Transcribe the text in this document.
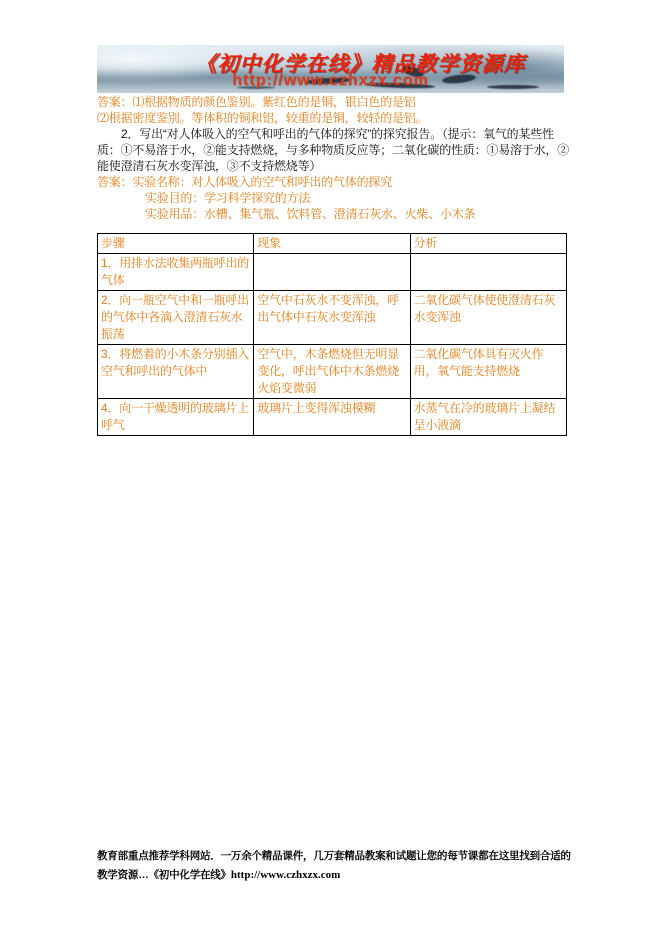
《初中化学在线》精品教学资源库
http://www.czhxzx.com
答案：⑴根据物质的颜色鉴别。紫红色的是铜，银白色的是铝
⑵根据密度鉴别。等体积的铜和铝，较重的是铜，较轻的是铝。
2．写出“对人体吸入的空气和呼出的气体的探究”的探究报告。（提示：氧气的某些性
质：①不易溶于水，②能支持燃烧，与多种物质反应等；二氧化碳的性质：①易溶于水，②
能使澄清石灰水变浑浊，③不支持燃烧等）
答案：实验名称：对人体吸入的空气和呼出的气体的探究
实验目的：学习科学探究的方法
实验用品：水槽、集气瓶、饮料管、澄清石灰水、火柴、小木条
步骤	现象	分析
1．用排水法收集两瓶呼出的气体		
2．向一瓶空气中和一瓶呼出的气体中各滴入澄清石灰水振荡	空气中石灰水不变浑浊，呼出气体中石灰水变浑浊	二氧化碳气体使使澄清石灰水变浑浊
3．将燃着的小木条分别插入空气和呼出的气体中	空气中，木条燃烧但无明显变化，呼出气体中木条燃烧火焰变微弱	二氧化碳气体具有灭火作用，氧气能支持燃烧
4．向一干燥透明的玻璃片上呼气	玻璃片上变得浑浊模糊	水蒸气在冷的玻璃片上凝结呈小液滴
教育部重点推荐学科网站．一万余个精品课件，几万套精品教案和试题让您的每节课都在这里找到合适的
教学资源…《初中化学在线》http://www.czhxzx.com
